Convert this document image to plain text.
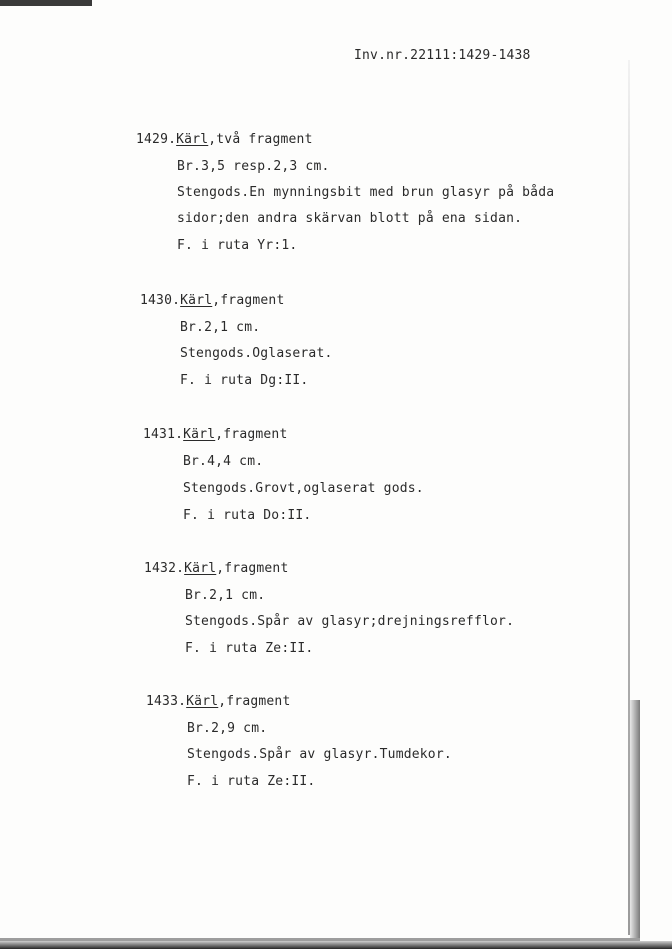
Inv.nr.22111:1429-1438
1429.Kärl,två fragment
Br.3,5 resp.2,3 cm.
Stengods.En mynningsbit med brun glasyr på båda
sidor;den andra skärvan blott på ena sidan.
F. i ruta Yr:1.
1430.Kärl,fragment
Br.2,1 cm.
Stengods.Oglaserat.
F. i ruta Dg:II.
1431.Kärl,fragment
Br.4,4 cm.
Stengods.Grovt,oglaserat gods.
F. i ruta Do:II.
1432.Kärl,fragment
Br.2,1 cm.
Stengods.Spår av glasyr;drejningsrefflor.
F. i ruta Ze:II.
1433.Kärl,fragment
Br.2,9 cm.
Stengods.Spår av glasyr.Tumdekor.
F. i ruta Ze:II.
